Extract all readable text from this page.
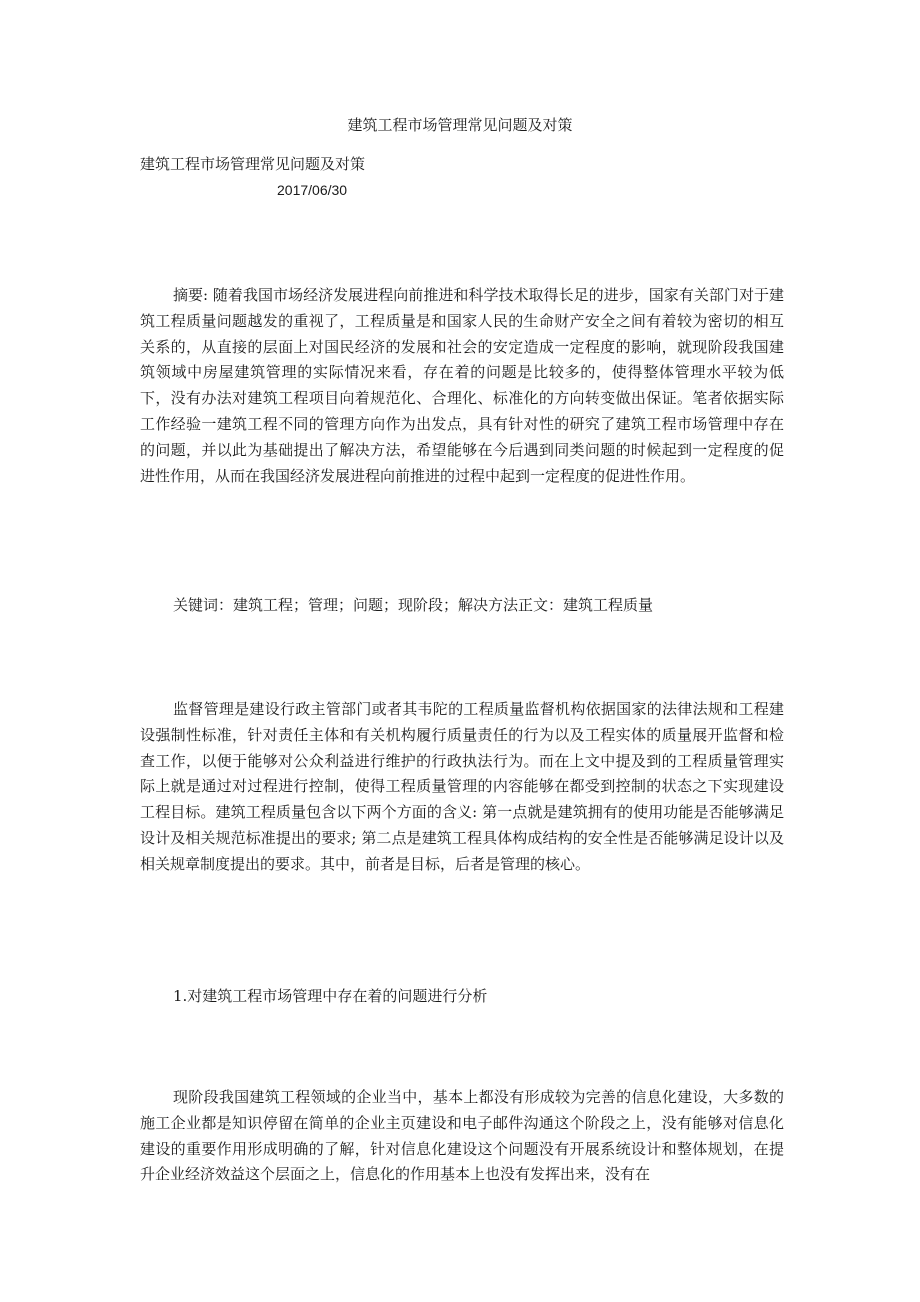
建筑工程市场管理常见问题及对策
建筑工程市场管理常见问题及对策
2017/06/30

摘要: 随着我国市场经济发展进程向前推进和科学技术取得长足的进步，国家有关部门对于建筑工程质量问题越发的重视了，工程质量是和国家人民的生命财产安全之间有着较为密切的相互关系的，从直接的层面上对国民经济的发展和社会的安定造成一定程度的影响，就现阶段我国建筑领域中房屋建筑管理的实际情况来看，存在着的问题是比较多的，使得整体管理水平较为低下，没有办法对建筑工程项目向着规范化、合理化、标准化的方向转变做出保证。笔者依据实际工作经验一建筑工程不同的管理方向作为出发点，具有针对性的研究了建筑工程市场管理中存在的问题，并以此为基础提出了解决方法，希望能够在今后遇到同类问题的时候起到一定程度的促进性作用，从而在我国经济发展进程向前推进的过程中起到一定程度的促进性作用。

关键词：建筑工程；管理；问题；现阶段；解决方法正文：建筑工程质量

监督管理是建设行政主管部门或者其韦陀的工程质量监督机构依据国家的法律法规和工程建设强制性标准，针对责任主体和有关机构履行质量责任的行为以及工程实体的质量展开监督和检查工作，以便于能够对公众利益进行维护的行政执法行为。而在上文中提及到的工程质量管理实际上就是通过对过程进行控制，使得工程质量管理的内容能够在都受到控制的状态之下实现建设工程目标。建筑工程质量包含以下两个方面的含义: 第一点就是建筑拥有的使用功能是否能够满足设计及相关规范标准提出的要求; 第二点是建筑工程具体构成结构的安全性是否能够满足设计以及相关规章制度提出的要求。其中，前者是目标，后者是管理的核心。

1.对建筑工程市场管理中存在着的问题进行分析

现阶段我国建筑工程领域的企业当中，基本上都没有形成较为完善的信息化建设，大多数的施工企业都是知识停留在简单的企业主页建设和电子邮件沟通这个阶段之上，没有能够对信息化建设的重要作用形成明确的了解，针对信息化建设这个问题没有开展系统设计和整体规划，在提升企业经济效益这个层面之上，信息化的作用基本上也没有发挥出来，没有在
